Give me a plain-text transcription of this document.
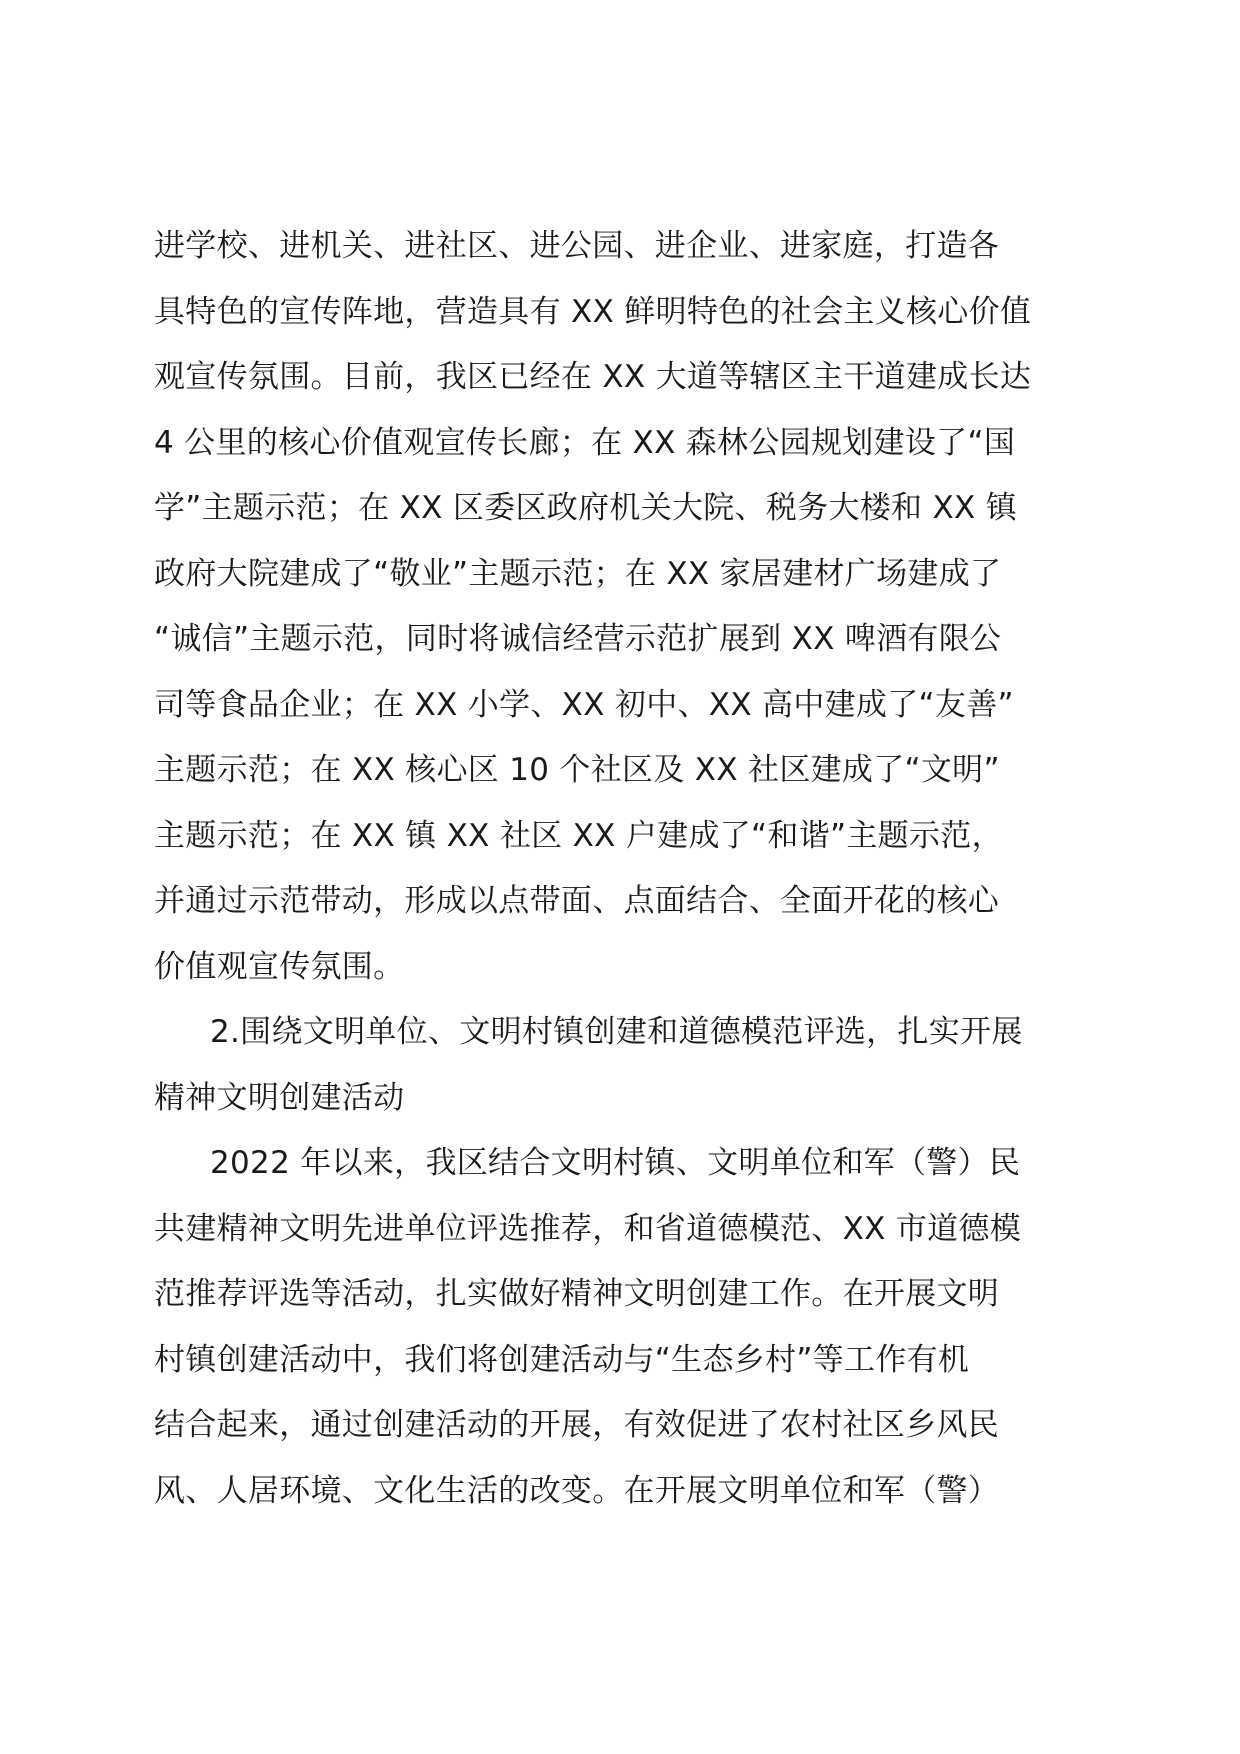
进学校、进机关、进社区、进公园、进企业、进家庭，打造各
具特色的宣传阵地，营造具有 XX 鲜明特色的社会主义核心价值
观宣传氛围。目前，我区已经在 XX 大道等辖区主干道建成长达
4 公里的核心价值观宣传长廊；在 XX 森林公园规划建设了“国
学”主题示范；在 XX 区委区政府机关大院、税务大楼和 XX 镇
政府大院建成了“敬业”主题示范；在 XX 家居建材广场建成了
“诚信”主题示范，同时将诚信经营示范扩展到 XX 啤酒有限公
司等食品企业；在 XX 小学、XX 初中、XX 高中建成了“友善”
主题示范；在 XX 核心区 10 个社区及 XX 社区建成了“文明”
主题示范；在 XX 镇 XX 社区 XX 户建成了“和谐”主题示范，
并通过示范带动，形成以点带面、点面结合、全面开花的核心
价值观宣传氛围。
2.围绕文明单位、文明村镇创建和道德模范评选，扎实开展
精神文明创建活动
2022 年以来，我区结合文明村镇、文明单位和军（警）民
共建精神文明先进单位评选推荐，和省道德模范、XX 市道德模
范推荐评选等活动，扎实做好精神文明创建工作。在开展文明
村镇创建活动中，我们将创建活动与“生态乡村”等工作有机
结合起来，通过创建活动的开展，有效促进了农村社区乡风民
风、人居环境、文化生活的改变。在开展文明单位和军（警）
